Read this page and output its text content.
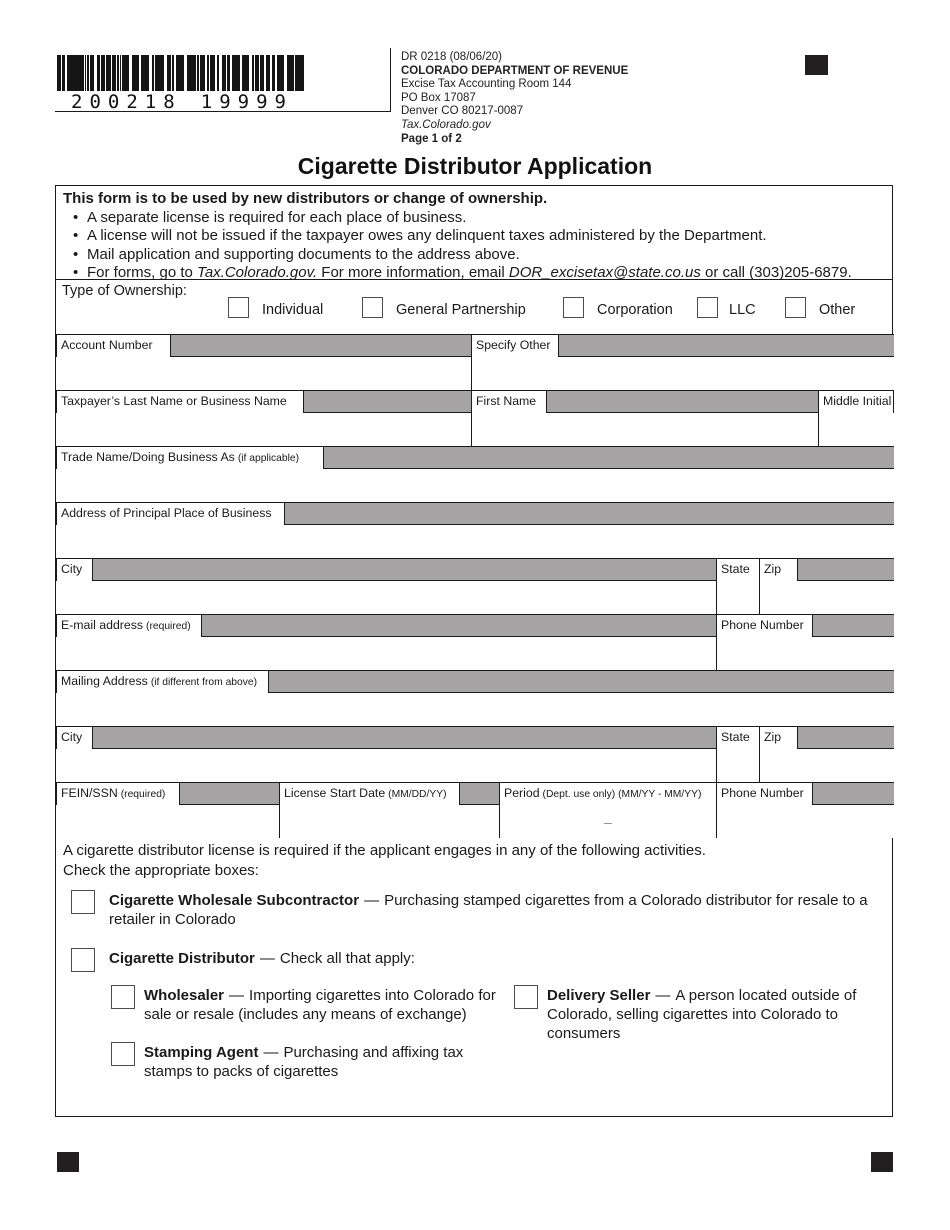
200218 19999
DR 0218 (08/06/20)
COLORADO DEPARTMENT OF REVENUE
Excise Tax Accounting Room 144
PO Box 17087
Denver CO 80217-0087
Tax.Colorado.gov
Page 1 of 2
Cigarette Distributor Application
This form is to be used by new distributors or change of ownership.
• A separate license is required for each place of business.
• A license will not be issued if the taxpayer owes any delinquent taxes administered by the Department.
• Mail application and supporting documents to the address above.
• For forms, go to Tax.Colorado.gov. For more information, email DOR_excisetax@state.co.us or call (303)205-6879.
Type of Ownership:
Individual	General Partnership	Corporation	LLC	Other
Account Number	Specify Other
Taxpayer’s Last Name or Business Name	First Name	Middle Initial
Trade Name/Doing Business As (if applicable)
Address of Principal Place of Business
City	State	Zip
E-mail address (required)	Phone Number
Mailing Address (if different from above)
City	State	Zip
FEIN/SSN (required)	License Start Date (MM/DD/YY)	Period (Dept. use only) (MM/YY - MM/YY)	Phone Number
–
A cigarette distributor license is required if the applicant engages in any of the following activities.
Check the appropriate boxes:
Cigarette Wholesale Subcontractor — Purchasing stamped cigarettes from a Colorado distributor for resale to a retailer in Colorado
Cigarette Distributor — Check all that apply:
Wholesaler — Importing cigarettes into Colorado for sale or resale (includes any means of exchange)
Delivery Seller — A person located outside of Colorado, selling cigarettes into Colorado to consumers
Stamping Agent — Purchasing and affixing tax stamps to packs of cigarettes
